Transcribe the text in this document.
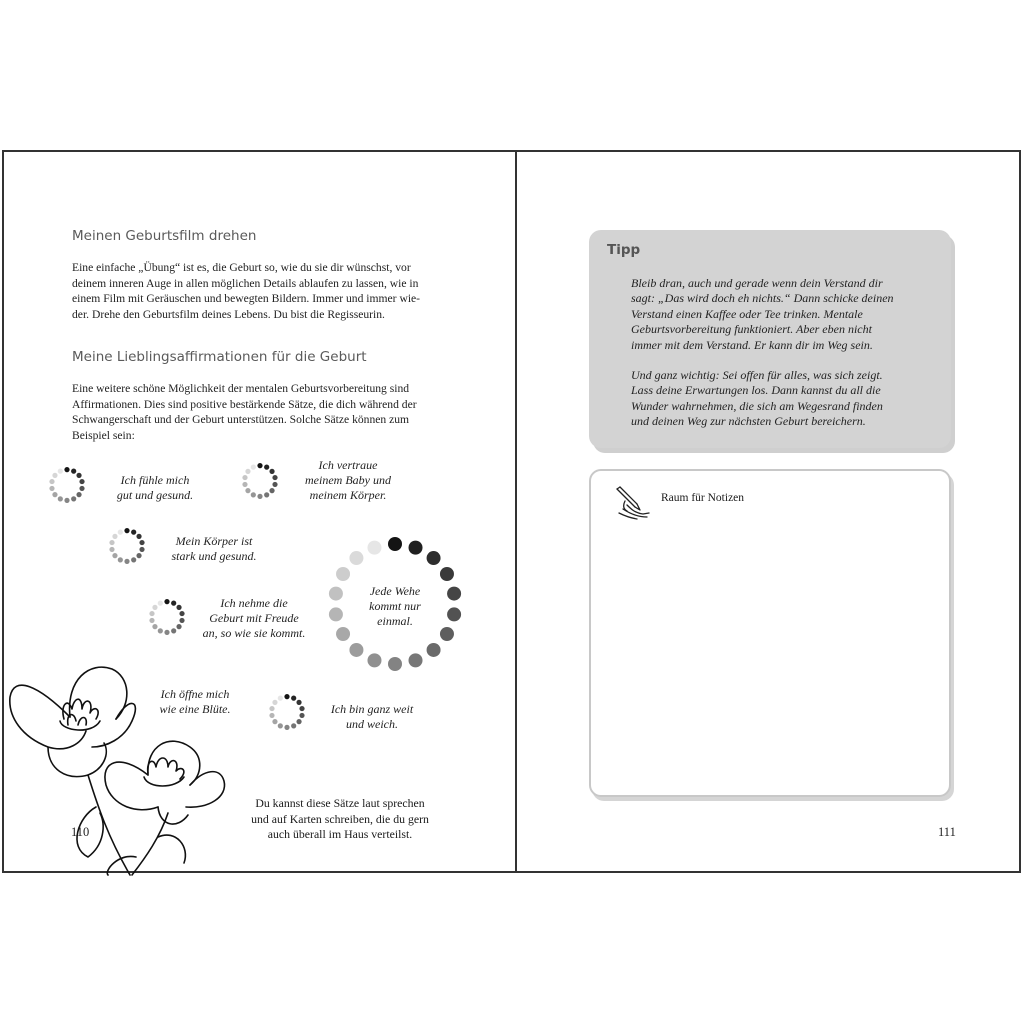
Meinen Geburtsfilm drehen
Eine einfache „Übung“ ist es, die Geburt so, wie du sie dir wünschst, vor
deinem inneren Auge in allen möglichen Details ablaufen zu lassen, wie in
einem Film mit Geräuschen und bewegten Bildern. Immer und immer wie-
der. Drehe den Geburtsfilm deines Lebens. Du bist die Regisseurin.
Meine Lieblingsaffirmationen für die Geburt
Eine weitere schöne Möglichkeit der mentalen Geburtsvorbereitung sind
Affirmationen. Dies sind positive bestärkende Sätze, die dich während der
Schwangerschaft und der Geburt unterstützen. Solche Sätze können zum
Beispiel sein:
Ich fühle mich
gut und gesund.
Ich vertraue
meinem Baby und
meinem Körper.
Mein Körper ist
stark und gesund.
Jede Wehe
kommt nur
einmal.
Ich nehme die
Geburt mit Freude
an, so wie sie kommt.
Ich öffne mich
wie eine Blüte.	Ich bin ganz weit
und weich.
Du kannst diese Sätze laut sprechen
und auf Karten schreiben, die du gern
auch überall im Haus verteilst.
110
Tipp
Bleib dran, auch und gerade wenn dein Verstand dir
sagt: „Das wird doch eh nichts.“ Dann schicke deinen
Verstand einen Kaffee oder Tee trinken. Mentale
Geburtsvorbereitung funktioniert. Aber eben nicht
immer mit dem Verstand. Er kann dir im Weg sein.
Und ganz wichtig: Sei offen für alles, was sich zeigt.
Lass deine Erwartungen los. Dann kannst du all die
Wunder wahrnehmen, die sich am Wegesrand finden
und deinen Weg zur nächsten Geburt bereichern.
Raum für Notizen
111
